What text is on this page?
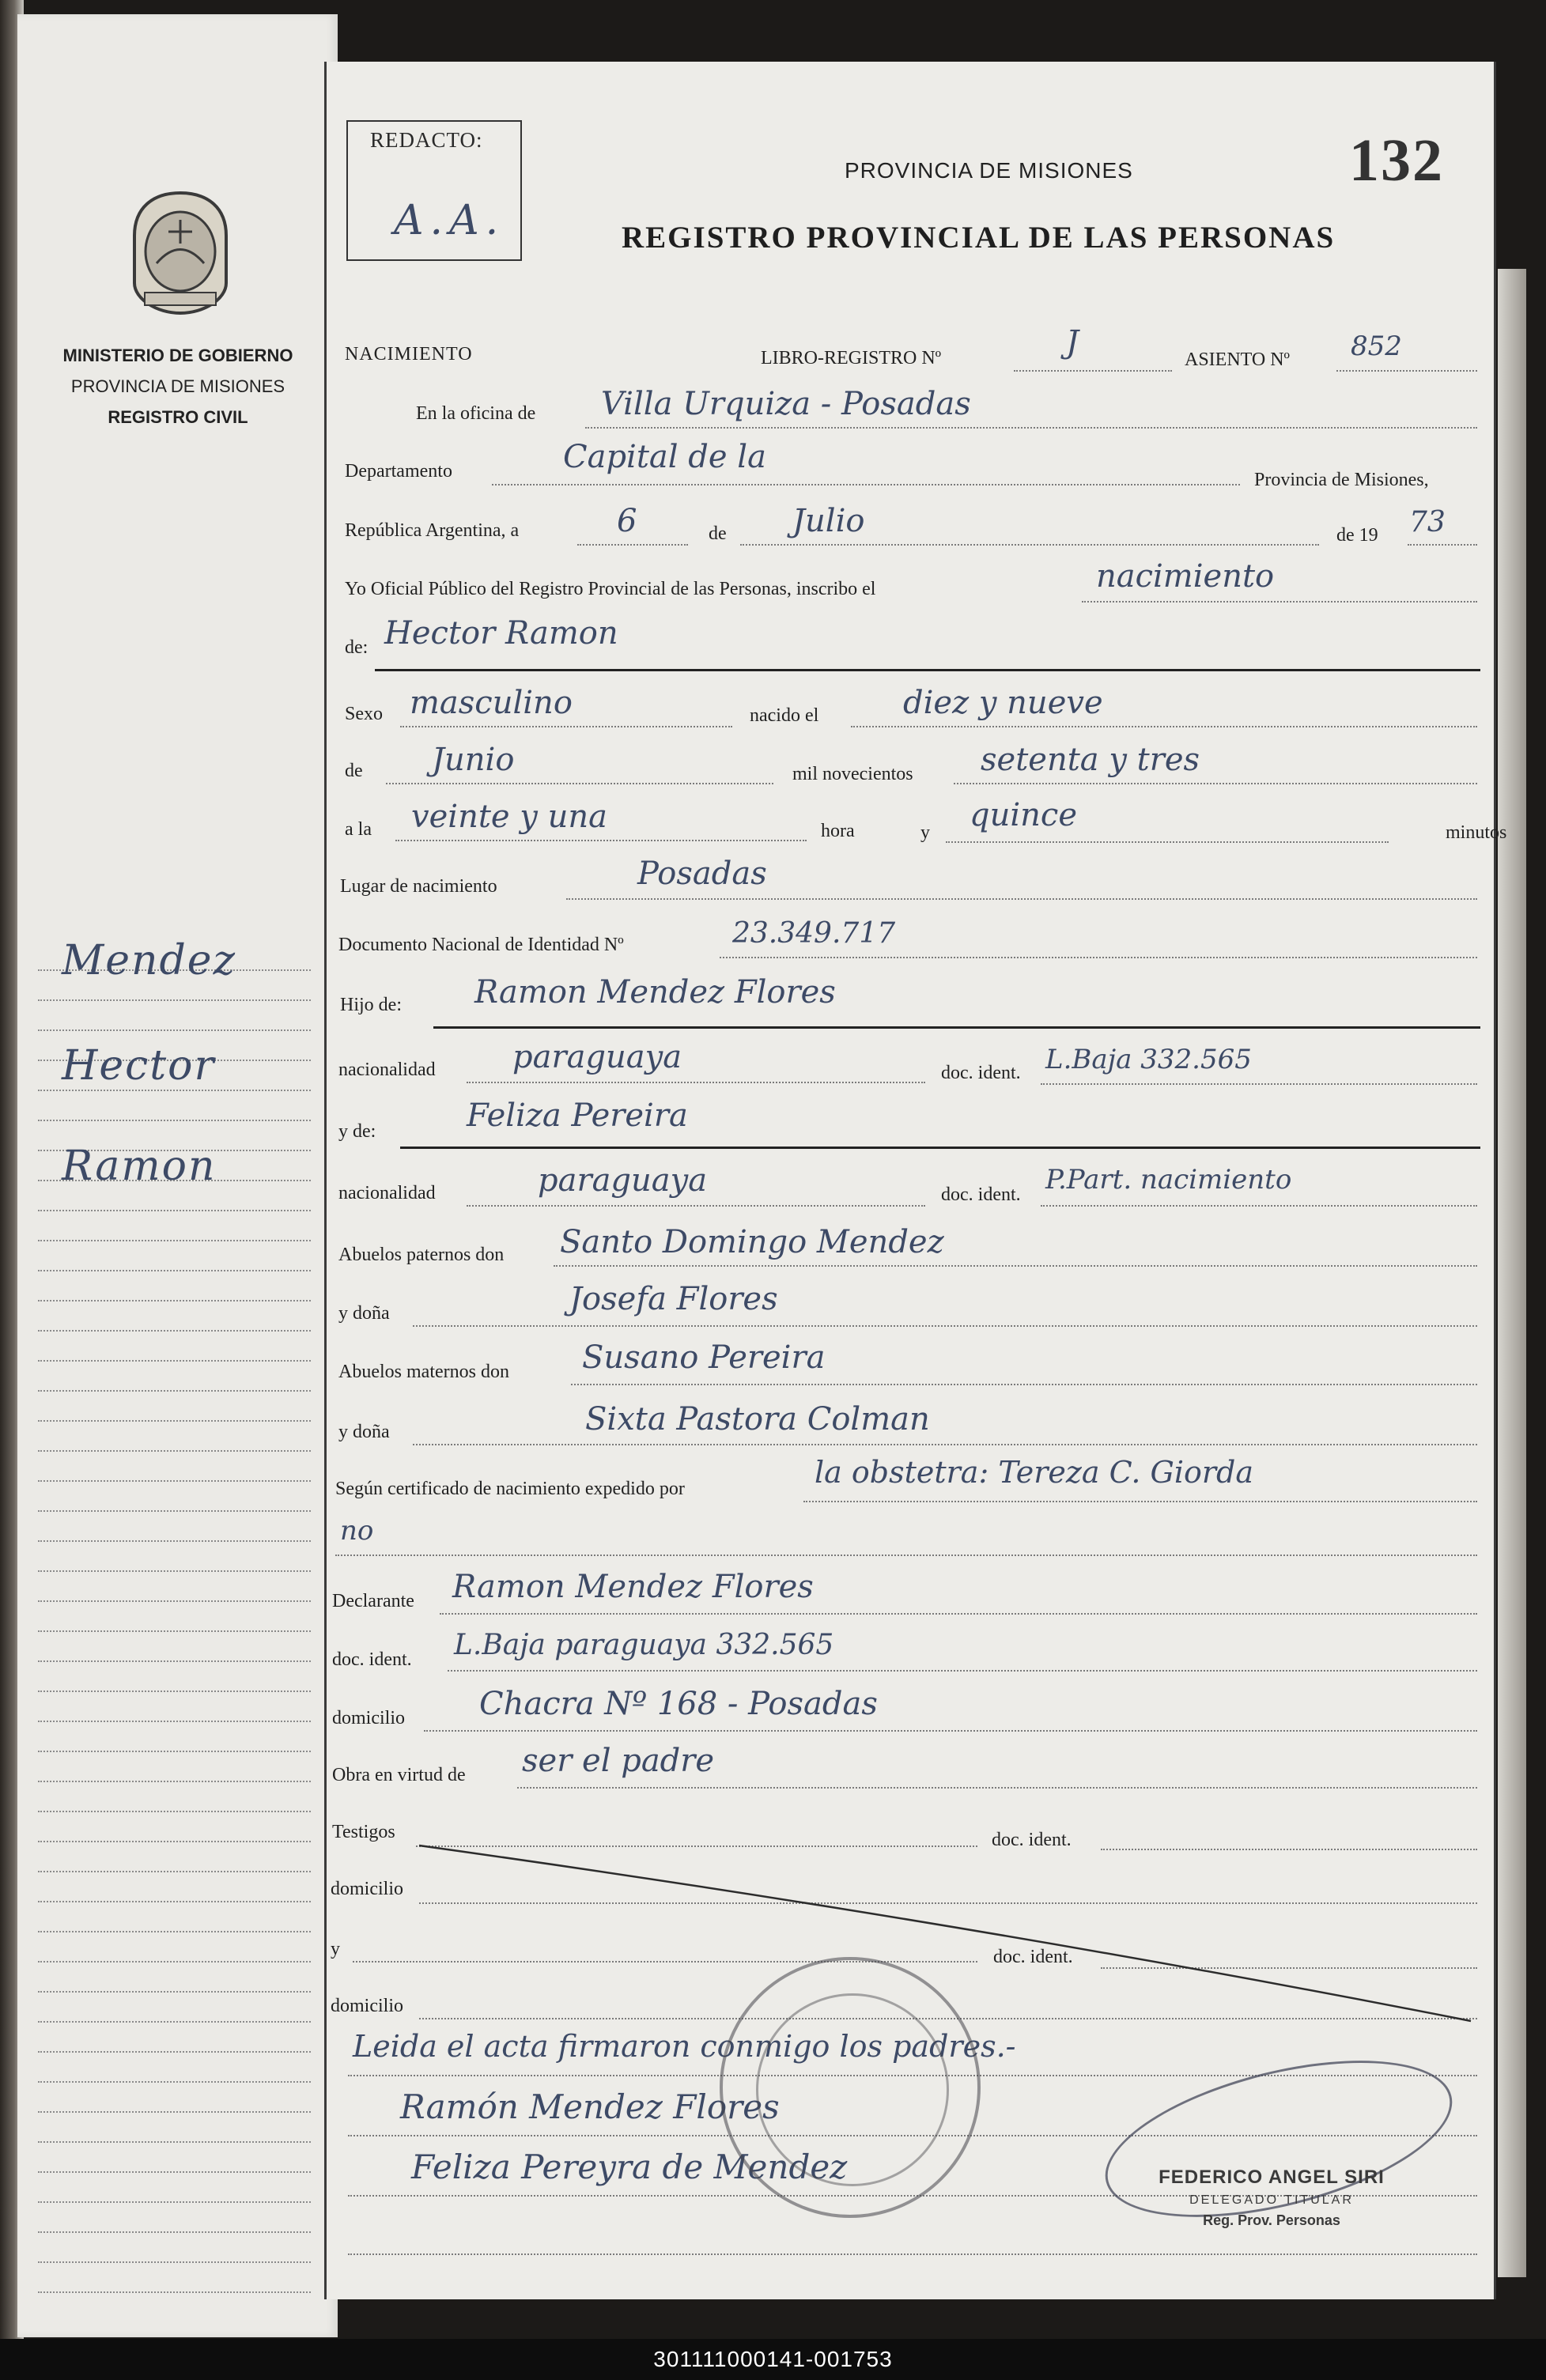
MINISTERIO DE GOBIERNO
PROVINCIA DE MISIONES
REGISTRO CIVIL
Mendez
Hector
Ramon
REDACTO:
A.A.
PROVINCIA DE MISIONES	132
REGISTRO PROVINCIAL DE LAS PERSONAS
NACIMIENTO	LIBRO-REGISTRO Nº	J	ASIENTO Nº 852
En la oficina de Villa Urquiza - Posadas
Departamento	Capital de la
Provincia de Misiones,
República Argentina, a	6	de Julio	de 19 73
Yo Oficial Público del Registro Provincial de las Personas, inscribo el	nacimiento
de: Hector Ramon
Sexo masculino	nacido el	diez y nueve
de Junio	mil novecientos setenta y tres
a la veinte y una	hora	y quince	minutos
Lugar de nacimiento	Posadas
Documento Nacional de Identidad Nº	23.349.717
Hijo de: Ramon Mendez Flores
nacionalidad paraguaya	doc. ident. L.Baja 332.565
y de:	Feliza Pereira
nacionalidad	paraguaya	doc. ident. P.Part. nacimiento
Abuelos paternos don Santo Domingo Mendez
y doña	Josefa Flores
Abuelos maternos don Susano Pereira
y doña	Sixta Pastora Colman
Según certificado de nacimiento expedido por	la obstetra: Tereza C. Giorda
no
Declarante Ramon Mendez Flores
doc. ident. L.Baja paraguaya 332.565
domicilio Chacra Nº 168 - Posadas
Obra en virtud de ser el padre
Testigos	doc. ident.
domicilio
y	doc. ident.
domicilio
Leida el acta firmaron conmigo los padres.-
Ramón Mendez Flores
Feliza Pereyra de Mendez	FEDERICO ANGEL SIRI
DELEGADO TITULAR
Reg. Prov. Personas
301111000141-001753
